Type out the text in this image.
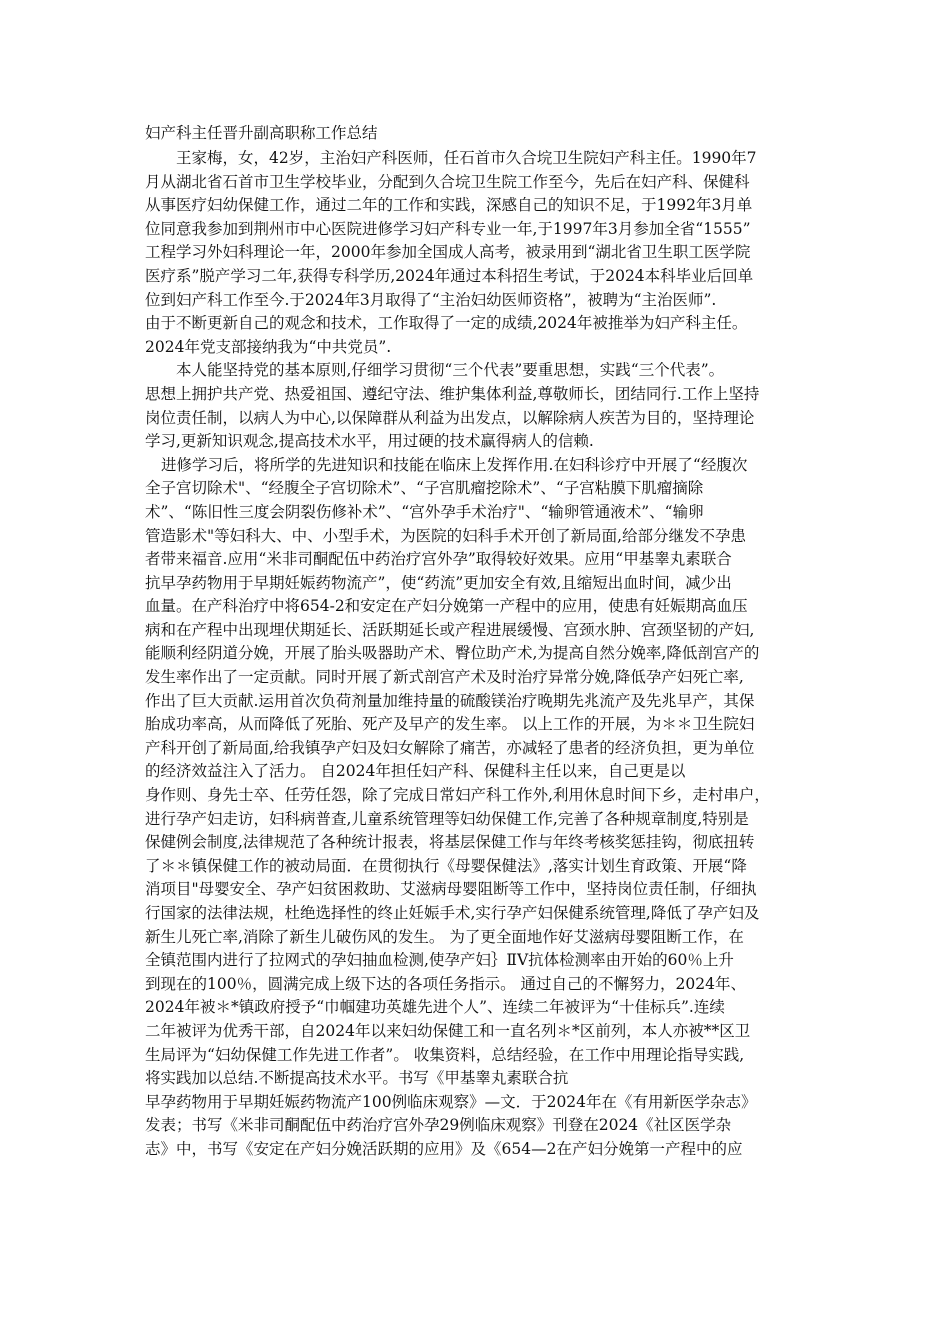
妇产科主任晋升副高职称工作总结
王家梅，女，42岁，主治妇产科医师，任石首市久合垸卫生院妇产科主任。1990年7
月从湖北省石首市卫生学校毕业，分配到久合垸卫生院工作至今，先后在妇产科、保健科
从事医疗妇幼保健工作，通过二年的工作和实践，深感自己的知识不足，于1992年3月单
位同意我参加到荆州市中心医院进修学习妇产科专业一年,于1997年3月参加全省“1555”
工程学习外妇科理论一年，2000年参加全国成人高考，被录用到“湖北省卫生职工医学院
医疗系”脱产学习二年,获得专科学历,2024年通过本科招生考试，于2024本科毕业后回单
位到妇产科工作至今.于2024年3月取得了“主治妇幼医师资格”，被聘为“主治医师”.
由于不断更新自己的观念和技术，工作取得了一定的成绩,2024年被推举为妇产科主任。
2024年党支部接纳我为“中共党员”.
本人能坚持党的基本原则,仔细学习贯彻“三个代表”要重思想，实践“三个代表”。
思想上拥护共产党、热爱祖国、遵纪守法、维护集体利益,尊敬师长，团结同行.工作上坚持
岗位责任制，以病人为中心,以保障群从利益为出发点，以解除病人疾苦为目的，坚持理论
学习,更新知识观念,提高技术水平，用过硬的技术赢得病人的信赖.
进修学习后，将所学的先进知识和技能在临床上发挥作用.在妇科诊疗中开展了“经腹次
全子宫切除术"、“经腹全子宫切除术”、“子宫肌瘤挖除术”、“子宫粘膜下肌瘤摘除
术”、“陈旧性三度会阴裂伤修补术”、“宫外孕手术治疗"、“输卵管通液术”、“输卵
管造影术"等妇科大、中、小型手术，为医院的妇科手术开创了新局面,给部分继发不孕患
者带来福音.应用“米非司酮配伍中药治疗宫外孕”取得较好效果。应用“甲基睾丸素联合
抗早孕药物用于早期妊娠药物流产”，使“药流”更加安全有效,且缩短出血时间，减少出
血量。在产科治疗中将654-2和安定在产妇分娩第一产程中的应用，使患有妊娠期高血压
病和在产程中出现埋伏期延长、活跃期延长或产程进展缓慢、宫颈水肿、宫颈坚韧的产妇,
能顺利经阴道分娩，开展了胎头吸器助产术、臀位助产术,为提高自然分娩率,降低剖宫产的
发生率作出了一定贡献。同时开展了新式剖宫产术及时治疗异常分娩,降低孕产妇死亡率,
作出了巨大贡献.运用首次负荷剂量加维持量的硫酸镁治疗晚期先兆流产及先兆早产，其保
胎成功率高，从而降低了死胎、死产及早产的发生率。 以上工作的开展，为＊＊卫生院妇
产科开创了新局面,给我镇孕产妇及妇女解除了痛苦，亦减轻了患者的经济负担，更为单位
的经济效益注入了活力。 自2024年担任妇产科、保健科主任以来，自己更是以
身作则、身先士卒、任劳任怨，除了完成日常妇产科工作外,利用休息时间下乡，走村串户，
进行孕产妇走访，妇科病普查,儿童系统管理等妇幼保健工作,完善了各种规章制度,特别是
保健例会制度,法律规范了各种统计报表，将基层保健工作与年终考核奖惩挂钩，彻底扭转
了＊＊镇保健工作的被动局面．在贯彻执行《母婴保健法》,落实计划生育政策、开展“降
消项目"母婴安全、孕产妇贫困救助、艾滋病母婴阻断等工作中，坚持岗位责任制，仔细执
行国家的法律法规，杜绝选择性的终止妊娠手术,实行孕产妇保健系统管理,降低了孕产妇及
新生儿死亡率,消除了新生儿破伤风的发生。 为了更全面地作好艾滋病母婴阻断工作，在
全镇范围内进行了拉网式的孕妇抽血检测,使孕产妇｝ⅡⅤ抗体检测率由开始的60％上升
到现在的100％，圆满完成上级下达的各项任务指示。 通过自己的不懈努力，2024年、
2024年被＊*镇政府授予“巾帼建功英雄先进个人”、连续二年被评为“十佳标兵”.连续
二年被评为优秀干部，自2024年以来妇幼保健工和一直名列＊*区前列，本人亦被**区卫
生局评为“妇幼保健工作先进工作者”。 收集资料，总结经验，在工作中用理论指导实践,
将实践加以总结.不断提高技术水平。书写《甲基睾丸素联合抗
早孕药物用于早期妊娠药物流产100例临床观察》—文．于2024年在《有用新医学杂志》
发表；书写《米非司酮配伍中药治疗宫外孕29例临床观察》刊登在2024《社区医学杂
志》中，书写《安定在产妇分娩活跃期的应用》及《654—2在产妇分娩第一产程中的应
